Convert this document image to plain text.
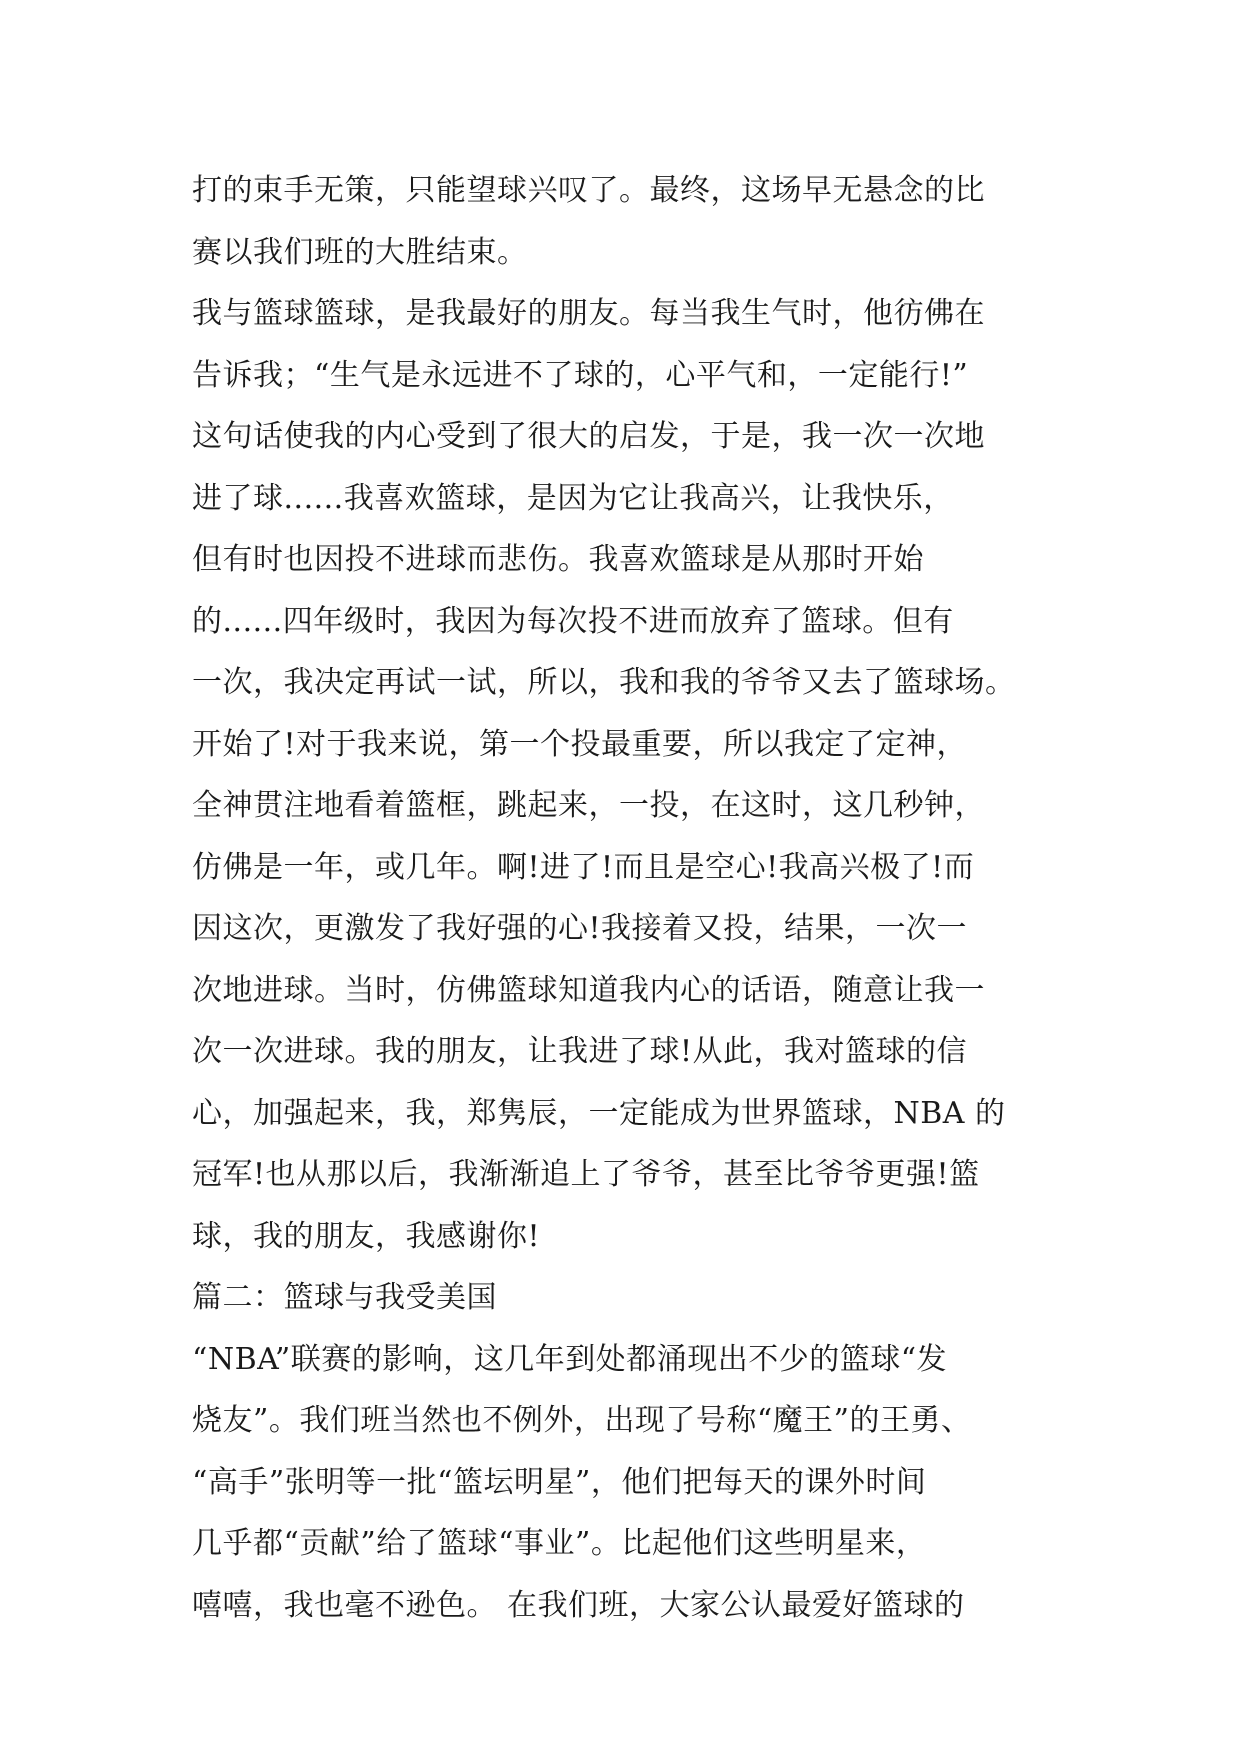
打的束手无策，只能望球兴叹了。最终，这场早无悬念的比
赛以我们班的大胜结束。
我与篮球篮球，是我最好的朋友。每当我生气时，他彷佛在
告诉我；“生气是永远进不了球的，心平气和，一定能行!”
这句话使我的内心受到了很大的启发，于是，我一次一次地
进了球......我喜欢篮球，是因为它让我高兴，让我快乐，
但有时也因投不进球而悲伤。我喜欢篮球是从那时开始
的......四年级时，我因为每次投不进而放弃了篮球。但有
一次，我决定再试一试，所以，我和我的爷爷又去了篮球场。
开始了!对于我来说，第一个投最重要，所以我定了定神，
全神贯注地看着篮框，跳起来，一投，在这时，这几秒钟，
仿佛是一年，或几年。啊!进了!而且是空心!我高兴极了!而
因这次，更激发了我好强的心!我接着又投，结果，一次一
次地进球。当时，仿佛篮球知道我内心的话语，随意让我一
次一次进球。我的朋友，让我进了球!从此，我对篮球的信
心，加强起来，我，郑隽辰，一定能成为世界篮球，NBA 的
冠军!也从那以后，我渐渐追上了爷爷，甚至比爷爷更强!篮
球，我的朋友，我感谢你!
篇二：篮球与我受美国
“NBA”联赛的影响，这几年到处都涌现出不少的篮球“发
烧友”。我们班当然也不例外，出现了号称“魔王”的王勇、
“高手”张明等一批“篮坛明星”，他们把每天的课外时间
几乎都“贡献”给了篮球“事业”。比起他们这些明星来，
嘻嘻，我也毫不逊色。 在我们班，大家公认最爱好篮球的
